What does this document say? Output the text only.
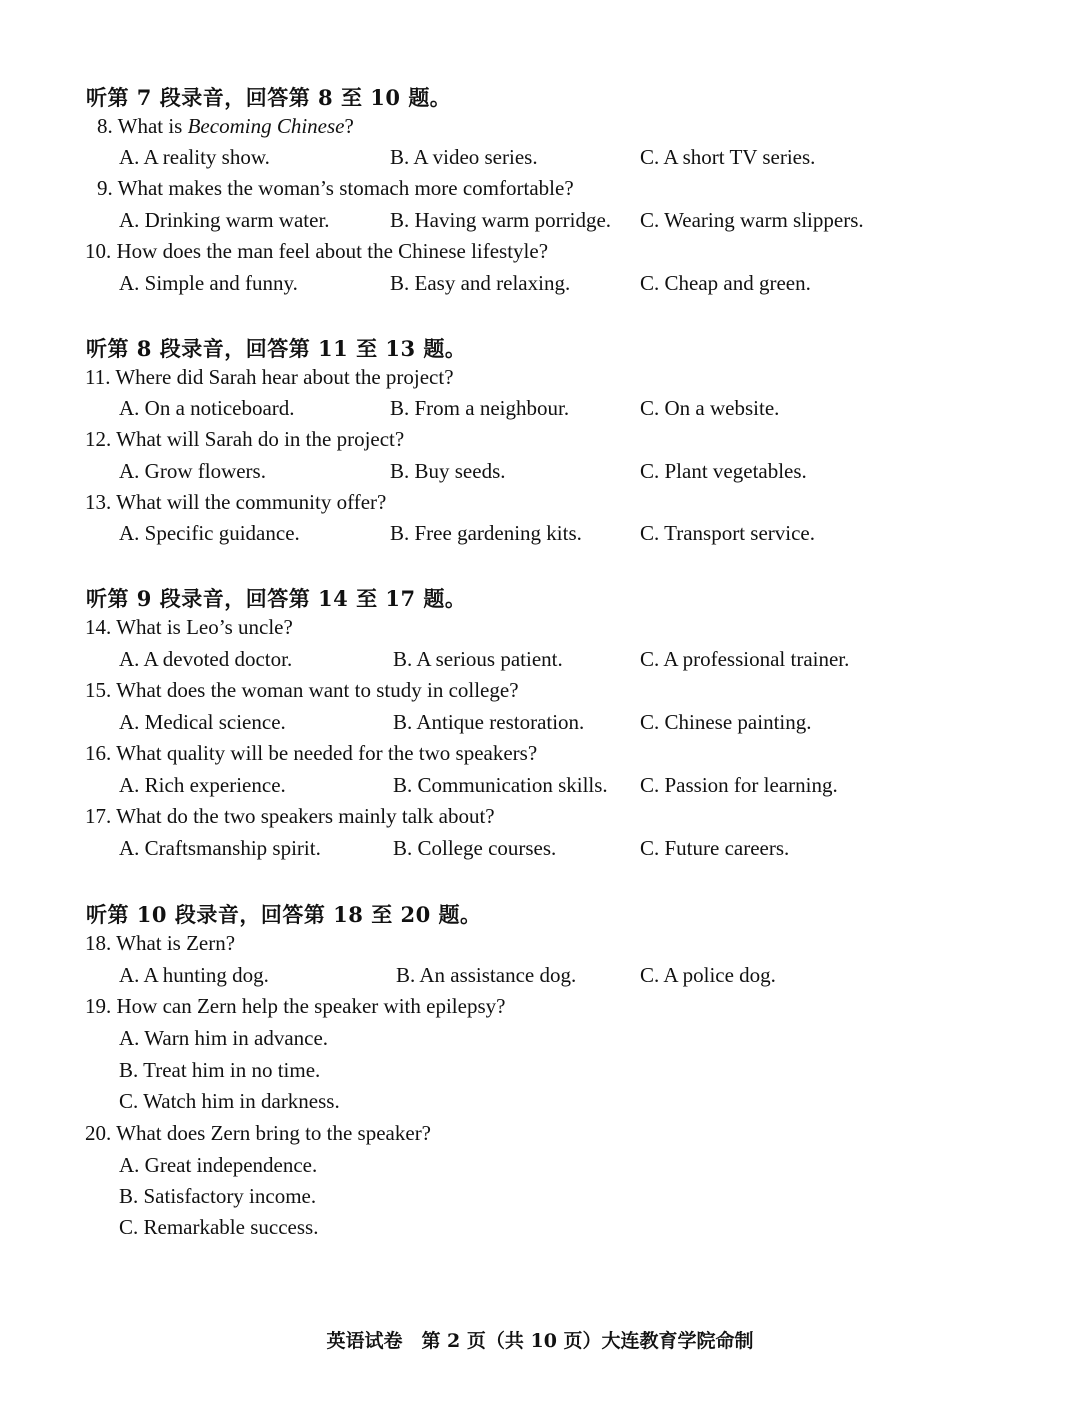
听第 7 段录音，回答第 8 至 10 题。
8. What is Becoming Chinese?
A. A reality show.	B. A video series.	C. A short TV series.
9. What makes the woman’s stomach more comfortable?
A. Drinking warm water.	B. Having warm porridge. C. Wearing warm slippers.
10. How does the man feel about the Chinese lifestyle?
A. Simple and funny.	B. Easy and relaxing.	C. Cheap and green.
听第 8 段录音，回答第 11 至 13 题。
11. Where did Sarah hear about the project?
A. On a noticeboard.	B. From a neighbour.	C. On a website.
12. What will Sarah do in the project?
A. Grow flowers.	B. Buy seeds.	C. Plant vegetables.
13. What will the community offer?
A. Specific guidance.	B. Free gardening kits.	C. Transport service.
听第 9 段录音，回答第 14 至 17 题。
14. What is Leo’s uncle?
A. A devoted doctor.	B. A serious patient.	C. A professional trainer.
15. What does the woman want to study in college?
A. Medical science.	B. Antique restoration.	C. Chinese painting.
16. What quality will be needed for the two speakers?
A. Rich experience.	B. Communication skills. C. Passion for learning.
17. What do the two speakers mainly talk about?
A. Craftsmanship spirit.	B. College courses.	C. Future careers.
听第 10 段录音，回答第 18 至 20 题。
18. What is Zern?
A. A hunting dog.	B. An assistance dog.	C. A police dog.
19. How can Zern help the speaker with epilepsy?
A. Warn him in advance.
B. Treat him in no time.
C. Watch him in darkness.
20. What does Zern bring to the speaker?
A. Great independence.
B. Satisfactory income.
C. Remarkable success.
英语试卷　第 2 页（共 10 页）大连教育学院命制
